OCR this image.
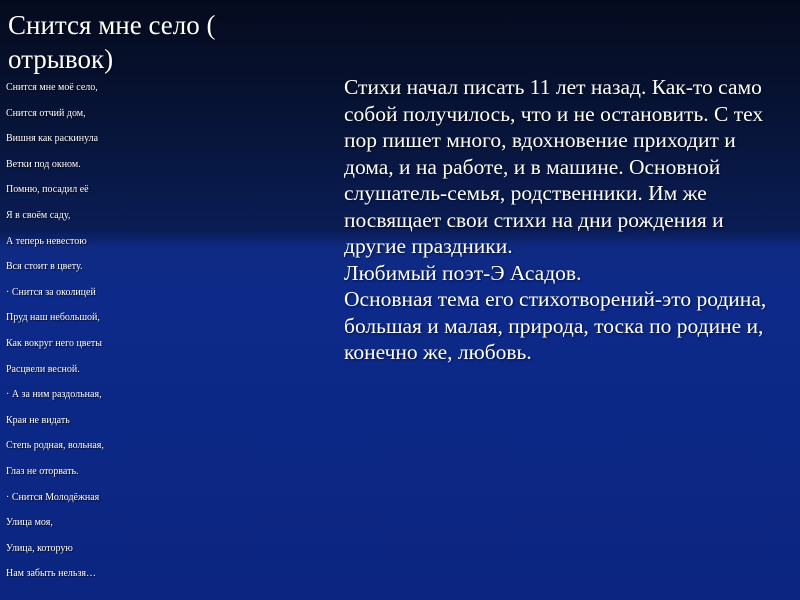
Снится мне село ( отрывок)
Снится мне моё село,
Снится отчий дом,
Вишня как раскинула
Ветки под окном.
Помню, посадил её
Я в своём саду,
А теперь невестою
Вся стоит в цвету.
· Снится за околицей
Пруд наш небольшой,
Как вокруг него цветы
Расцвели весной.
· А за ним раздольная,
Края не видать
Степь родная, вольная,
Глаз не оторвать.
· Снится Молодёжная
Улица моя,
Улица, которую
Нам забыть нельзя…

Стихи начал писать 11 лет назад. Как-то само собой получилось, что и не остановить. С тех пор пишет много, вдохновение приходит и дома, и на работе, и в машине. Основной слушатель-семья, родственники. Им же посвящает свои стихи на дни рождения и другие праздники.
Любимый поэт-Э Асадов.
Основная тема его стихотворений-это родина, большая и малая, природа, тоска по родине и, конечно же, любовь.
